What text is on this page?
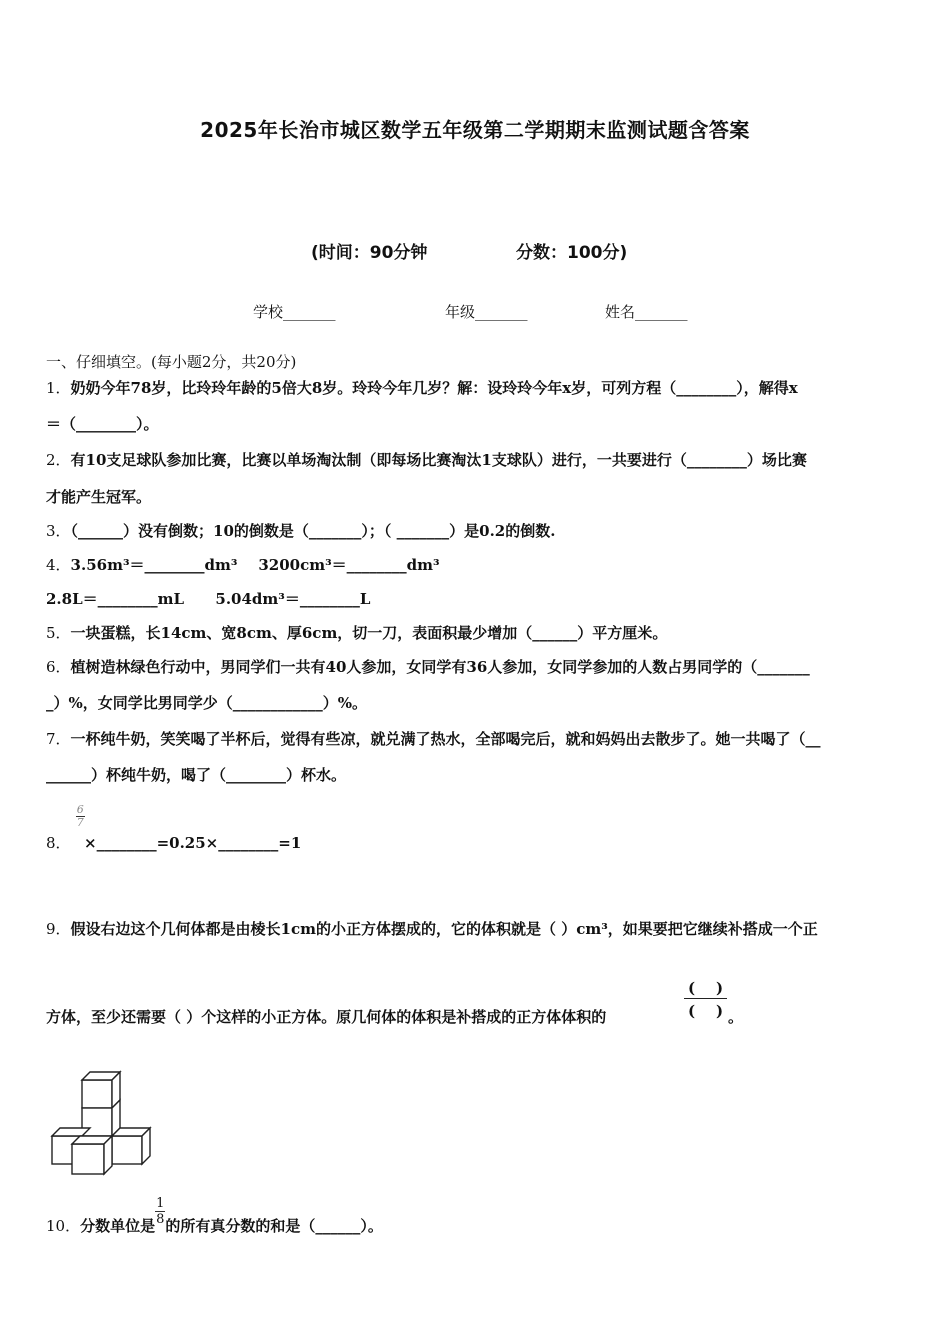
2025年长治市城区数学五年级第二学期期末监测试题含答案
(时间：90分钟	分数：100分)
学校_______	年级_______	姓名_______
一、仔细填空。(每小题2分，共20分)
1．奶奶今年78岁，比玲玲年龄的5倍大8岁。玲玲今年几岁？解：设玲玲今年x岁，可列方程（________），解得x
＝（________）。
2．有10支足球队参加比赛，比赛以单场淘汰制（即每场比赛淘汰1支球队）进行，一共要进行（________）场比赛
才能产生冠军。
3．（______）没有倒数；10的倒数是（_______）；（ _______）是0.2的倒数.
4．3.56m³＝________dm³    3200cm³＝________dm³
2.8L＝________mL      5.04dm³＝________L
5．一块蛋糕，长14cm、宽8cm、厚6cm，切一刀，表面积最少增加（______）平方厘米。
6．植树造林绿色行动中，男同学们一共有40人参加，女同学有36人参加，女同学参加的人数占男同学的（_______
_）%，女同学比男同学少（____________）%。
7．一杯纯牛奶，笑笑喝了半杯后，觉得有些凉，就兑满了热水，全部喝完后，就和妈妈出去散步了。她一共喝了（__
______）杯纯牛奶，喝了（________）杯水。
8．
$\frac{6}{7}$
×________=0.25×________=1
9．假设右边这个几何体都是由棱长1cm的小正方体摆成的，它的体积就是（ ）cm³，如果要把它继续补搭成一个正
方体，至少还需要（ ）个这样的小正方体。原几何体的体积是补搭成的正方体体积的
(    )
(    ) 。
10．分数单位是 $\frac{1}{8}$ 的所有真分数的和是（______）。
